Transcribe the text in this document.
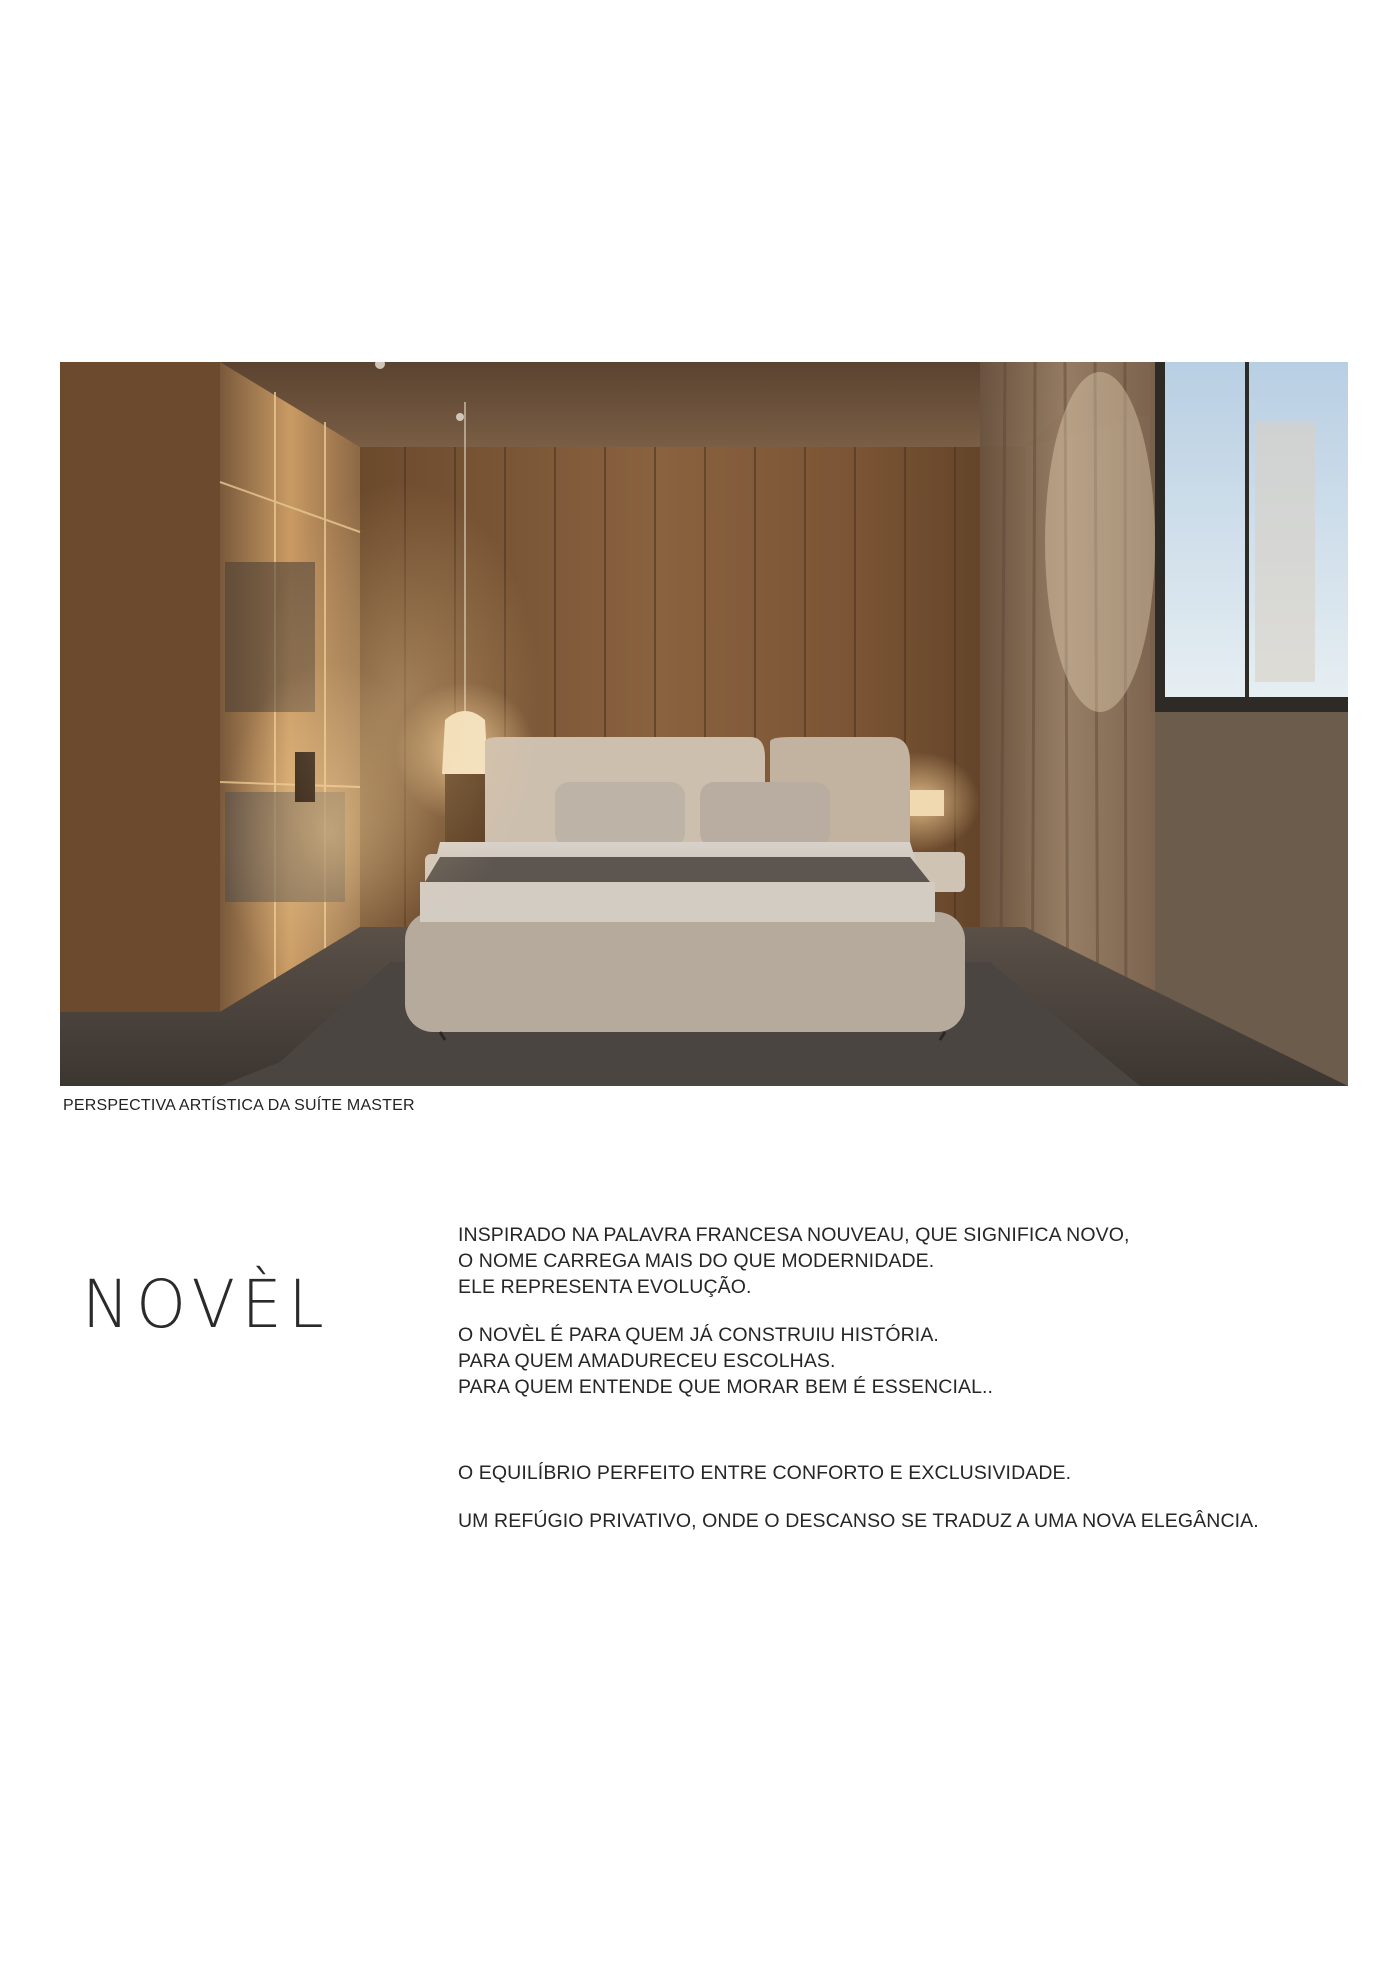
PERSPECTIVA ARTÍSTICA DA SUÍTE MASTER
NOVÈL

INSPIRADO NA PALAVRA FRANCESA NOUVEAU, QUE SIGNIFICA NOVO,

O NOME CARREGA MAIS DO QUE MODERNIDADE.

ELE REPRESENTA EVOLUÇÃO.

O NOVÈL É PARA QUEM JÁ CONSTRUIU HISTÓRIA.

PARA QUEM AMADURECEU ESCOLHAS.

PARA QUEM ENTENDE QUE MORAR BEM É ESSENCIAL..

O EQUILÍBRIO PERFEITO ENTRE CONFORTO E EXCLUSIVIDADE.

UM REFÚGIO PRIVATIVO, ONDE O DESCANSO SE TRADUZ A UMA NOVA ELEGÂNCIA.
